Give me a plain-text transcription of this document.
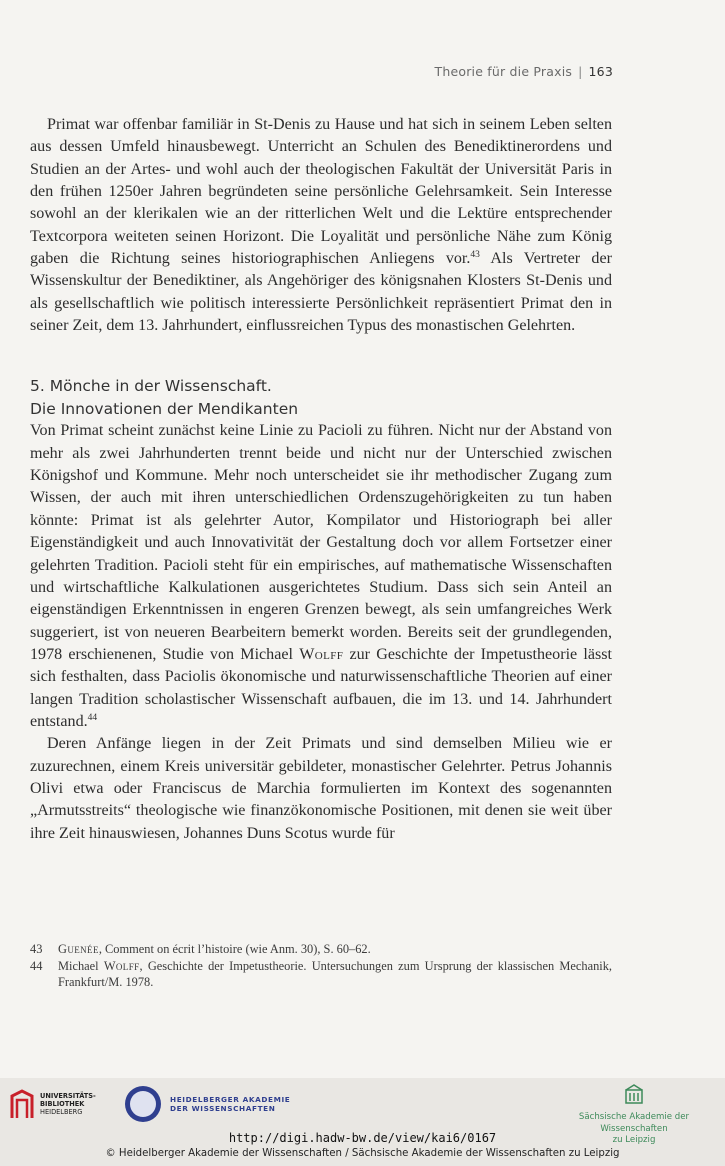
Theorie für die Praxis | 163

Primat war offenbar familiär in St-Denis zu Hause und hat sich in seinem Leben selten aus dessen Umfeld hinausbewegt. Unterricht an Schulen des Benediktinerordens und Studien an der Artes- und wohl auch der theologischen Fakultät der Universität Paris in den frühen 1250er Jahren begründeten seine persönliche Gelehrsamkeit. Sein Interesse sowohl an der klerikalen wie an der ritterlichen Welt und die Lektüre entsprechender Textcorpora weiteten seinen Horizont. Die Loyalität und persönliche Nähe zum König gaben die Richtung seines historiographischen Anliegens vor.$^{43}$ Als Vertreter der Wissenskultur der Benediktiner, als Angehöriger des königsnahen Klosters St-Denis und als gesellschaftlich wie politisch interessierte Persönlichkeit repräsentiert Primat den in seiner Zeit, dem 13. Jahrhundert, einflussreichen Typus des monastischen Gelehrten.

5. Mönche in der Wissenschaft.
Die Innovationen der Mendikanten

Von Primat scheint zunächst keine Linie zu Pacioli zu führen. Nicht nur der Abstand von mehr als zwei Jahrhunderten trennt beide und nicht nur der Unterschied zwischen Königshof und Kommune. Mehr noch unterscheidet sie ihr methodischer Zugang zum Wissen, der auch mit ihren unterschiedlichen Ordenszugehörigkeiten zu tun haben könnte: Primat ist als gelehrter Autor, Kompilator und Historiograph bei aller Eigenständigkeit und auch Innovativität der Gestaltung doch vor allem Fortsetzer einer gelehrten Tradition. Pacioli steht für ein empirisches, auf mathematische Wissenschaften und wirtschaftliche Kalkulationen ausgerichtetes Studium. Dass sich sein Anteil an eigenständigen Erkenntnissen in engeren Grenzen bewegt, als sein umfangreiches Werk suggeriert, ist von neueren Bearbeitern bemerkt worden. Bereits seit der grundlegenden, 1978 erschienenen, Studie von Michael Wolff zur Geschichte der Impetustheorie lässt sich festhalten, dass Paciolis ökonomische und naturwissenschaftliche Theorien auf einer langen Tradition scholastischer Wissenschaft aufbauen, die im 13. und 14. Jahrhundert entstand.$^{44}$

Deren Anfänge liegen in der Zeit Primats und sind demselben Milieu wie er zuzurechnen, einem Kreis universitär gebildeter, monastischer Gelehrter. Petrus Johannis Olivi etwa oder Franciscus de Marchia formulierten im Kontext des sogenannten „Armutsstreits“ theologische wie finanzökonomische Positionen, mit denen sie weit über ihre Zeit hinauswiesen, Johannes Duns Scotus wurde für

43	Guenée, Comment on écrit l’histoire (wie Anm. 30), S. 60–62.
44	Michael Wolff, Geschichte der Impetustheorie. Untersuchungen zum Ursprung der klassischen Mechanik, Frankfurt/M. 1978.
UNIVERSITÄTS-
BIBLIOTHEK
HEIDELBERG
HEIDELBERGER AKADEMIE
DER WISSENSCHAFTEN
Sächsische Akademie der Wissenschaften
zu Leipzig
http://digi.hadw-bw.de/view/kai6/0167
© Heidelberger Akademie der Wissenschaften / Sächsische Akademie der Wissenschaften zu Leipzig
